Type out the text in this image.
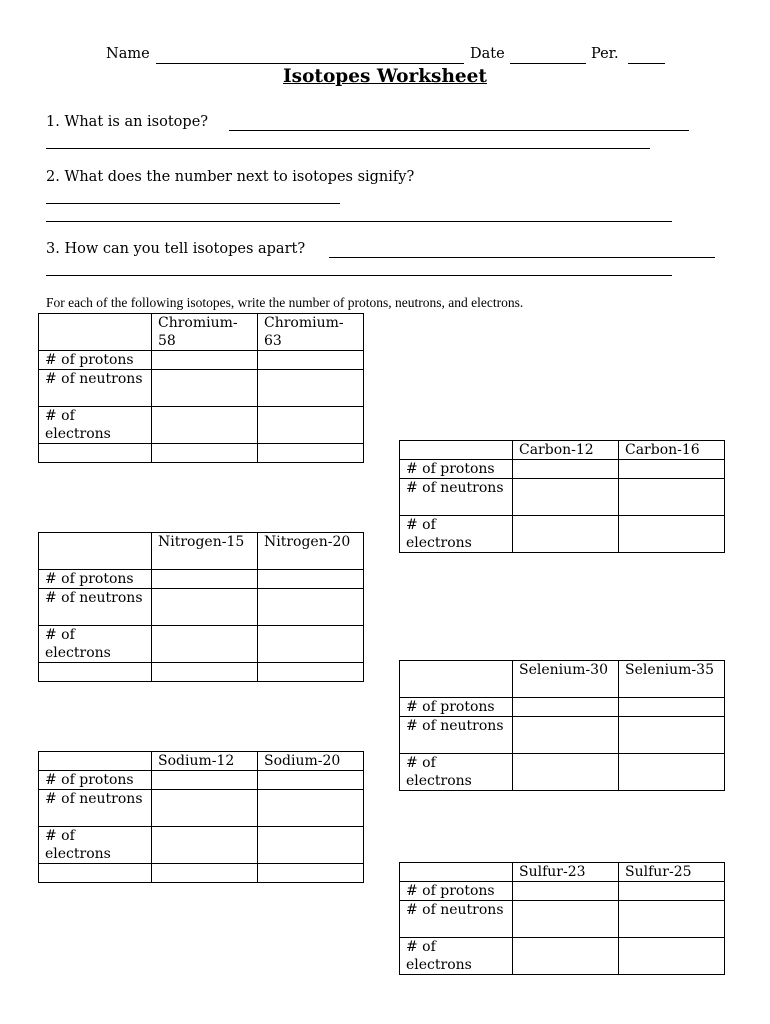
Name	Date	Per.
Isotopes Worksheet
1. What is an isotope?
2. What does the number next to isotopes signify?
3. How can you tell isotopes apart?
For each of the following isotopes, write the number of protons, neutrons, and electrons.
	Chromium-58	Chromium-63
# of protons		
# of neutrons		
# of electrons		

	Carbon-12	Carbon-16
# of protons		
# of neutrons		
# of electrons		
	Nitrogen-15	Nitrogen-20
# of protons		
# of neutrons		
# of electrons		

	Selenium-30	Selenium-35
# of protons		
# of neutrons		
# of electrons		
	Sodium-12	Sodium-20
# of protons		
# of neutrons		
# of electrons		

	Sulfur-23	Sulfur-25
# of protons		
# of neutrons		
# of electrons		
